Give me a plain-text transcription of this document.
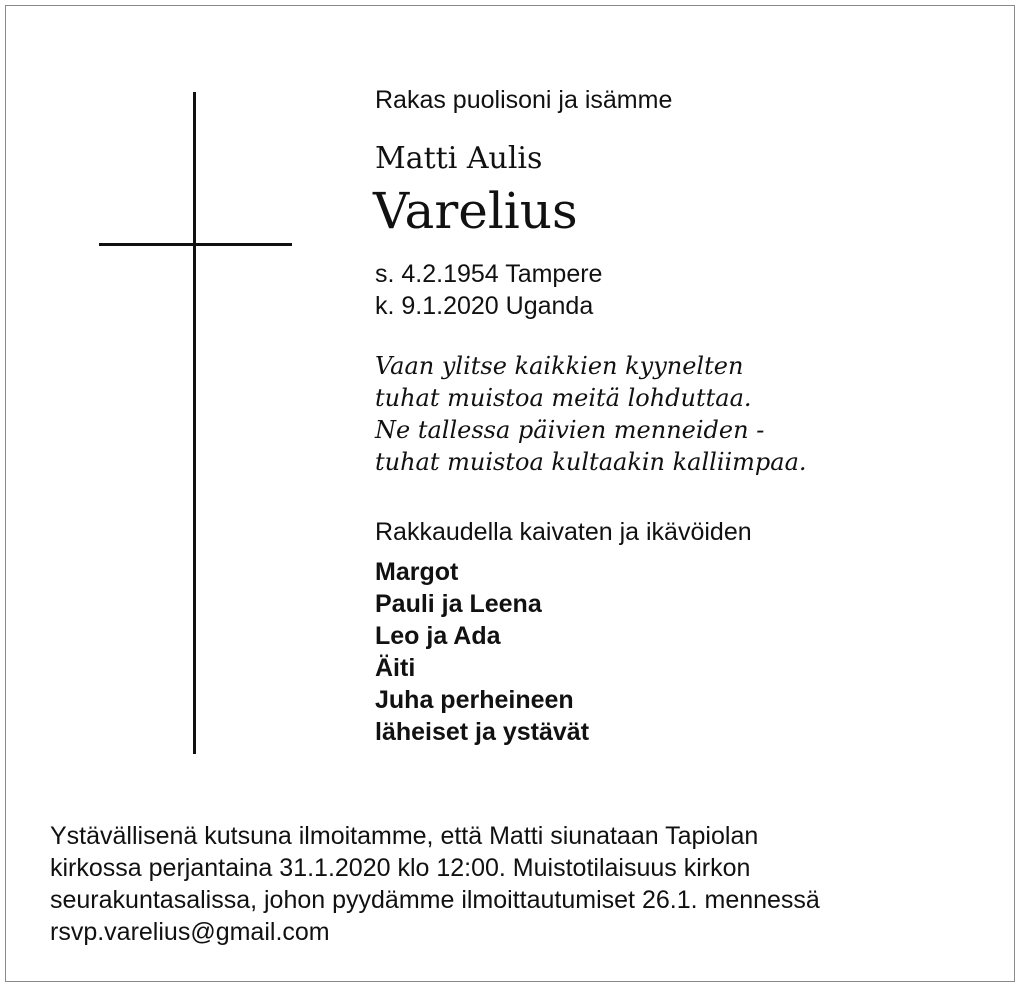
Rakas puolisoni ja isämme
Matti Aulis
Varelius
s. 4.2.1954 Tampere
k. 9.1.2020 Uganda
Vaan ylitse kaikkien kyynelten
tuhat muistoa meitä lohduttaa.
Ne tallessa päivien menneiden -
tuhat muistoa kultaakin kalliimpaa.
Rakkaudella kaivaten ja ikävöiden
Margot
Pauli ja Leena
Leo ja Ada
Äiti
Juha perheineen
läheiset ja ystävät
Ystävällisenä kutsuna ilmoitamme, että Matti siunataan Tapiolan
kirkossa perjantaina 31.1.2020 klo 12:00. Muistotilaisuus kirkon
seurakuntasalissa, johon pyydämme ilmoittautumiset 26.1. mennessä
rsvp.varelius@gmail.com
